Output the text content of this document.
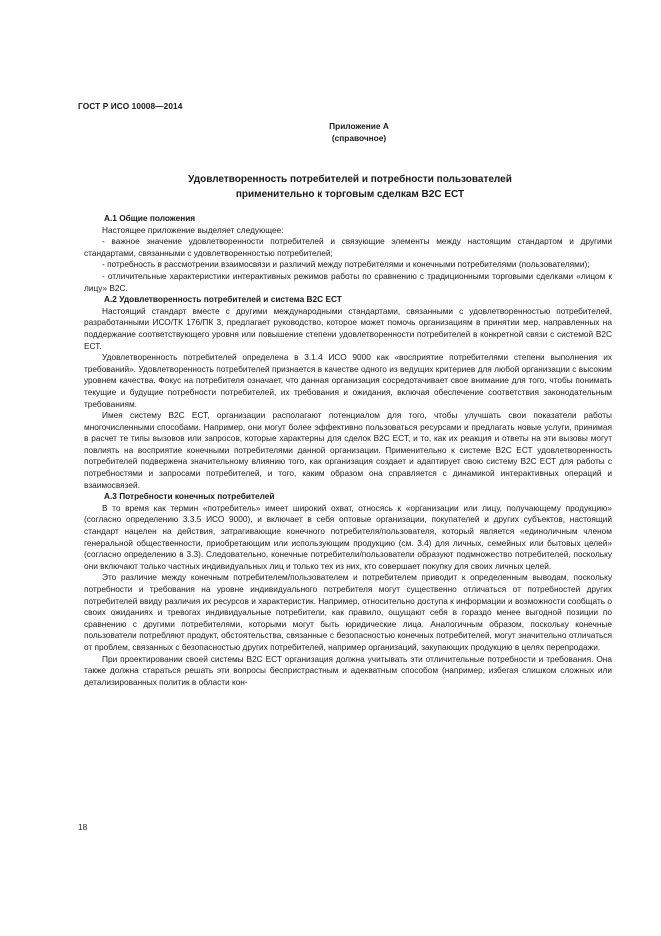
ГОСТ Р ИСО 10008—2014
Приложение А
(справочное)
Удовлетворенность потребителей и потребности пользователей
применительно к торговым сделкам В2С ЕСТ

А.1 Общие положения

Настоящее приложение выделяет следующее:

- важное значение удовлетворенности потребителей и связующие элементы между настоящим стандартом и другими стандартами, связанными с удовлетворенностью потребителей;

- потребность в рассмотрении взаимосвязи и различий между потребителями и конечными потребителями (пользователями);

- отличительные характеристики интерактивных режимов работы по сравнению с традиционными торговыми сделками «лицом к лицу» В2С.

А.2 Удовлетворенность потребителей и система В2С ЕСТ

Настоящий стандарт вместе с другими международными стандартами, связанными с удовлетворенностью потребителей, разработанными ИСО/ТК 176/ПК 3, предлагает руководство, которое может помочь организациям в принятии мер, направленных на поддержание соответствующего уровня или повышение степени удовлетворенности потребителей в конкретной связи с системой В2С ЕСТ.

Удовлетворенность потребителей определена в 3.1.4 ИСО 9000 как «восприятие потребителями степени выполнения их требований». Удовлетворенность потребителей признается в качестве одного из ведущих критериев для любой организации с высоким уровнем качества. Фокус на потребителя означает, что данная организация сосредотачивает свое внимание для того, чтобы понимать текущие и будущие потребности потребителей, их требования и ожидания, включая обеспечение соответствия законодательным требованиям.

Имея систему В2С ЕСТ, организации располагают потенциалом для того, чтобы улучшать свои показатели работы многочисленными способами. Например, они могут более эффективно пользоваться ресурсами и предлагать новые услуги, принимая в расчет те типы вызовов или запросов, которые характерны для сделок В2С ЕСТ, и то, как их реакция и ответы на эти вызовы могут повлиять на восприятие конечными потребителями данной организации. Применительно к системе В2С ЕСТ удовлетворенность потребителей подвержена значительному влиянию того, как организация создает и адаптирует свою систему В2С ЕСТ для работы с потребностями и запросами потребителей, и того, каким образом она справляется с динамикой интерактивных операций и взаимосвязей.

А.3 Потребности конечных потребителей

В то время как термин «потребитель» имеет широкий охват, относясь к «организации или лицу, получающему продукцию» (согласно определению 3.3.5 ИСО 9000), и включает в себя оптовые организации, покупателей и других субъектов, настоящий стандарт нацелен на действия, затрагивающие конечного потребителя/пользователя, который является «единоличным членом генеральной общественности, приобретающим или использующим продукцию (см. 3.4) для личных, семейных или бытовых целей» (согласно определению в 3.3). Следовательно, конечные потребители/пользователи образуют подмножество потребителей, поскольку они включают только частных индивидуальных лиц и только тех из них, кто совершает покупку для своих личных целей.

Это различие между конечным потребителем/пользователем и потребителем приводит к определенным выводам, поскольку потребности и требования на уровне индивидуального потребителя могут существенно отличаться от потребностей других потребителей ввиду различия их ресурсов и характеристик. Например, относительно доступа к информации и возможности сообщать о своих ожиданиях и тревогах индивидуальные потребители, как правило, ощущают себя в гораздо менее выгодной позиции по сравнению с другими потребителями, которыми могут быть юридические лица. Аналогичным образом, поскольку конечные пользователи потребляют продукт, обстоятельства, связанные с безопасностью конечных потребителей, могут значительно отличаться от проблем, связанных с безопасностью других потребителей, например организаций, закупающих продукцию в целях перепродажи.

При проектировании своей системы В2С ЕСТ организация должна учитывать эти отличительные потребности и требования. Она также должна стараться решать эти вопросы беспристрастным и адекватным способом (например, избегая слишком сложных или детализированных политик в области кон-

18
